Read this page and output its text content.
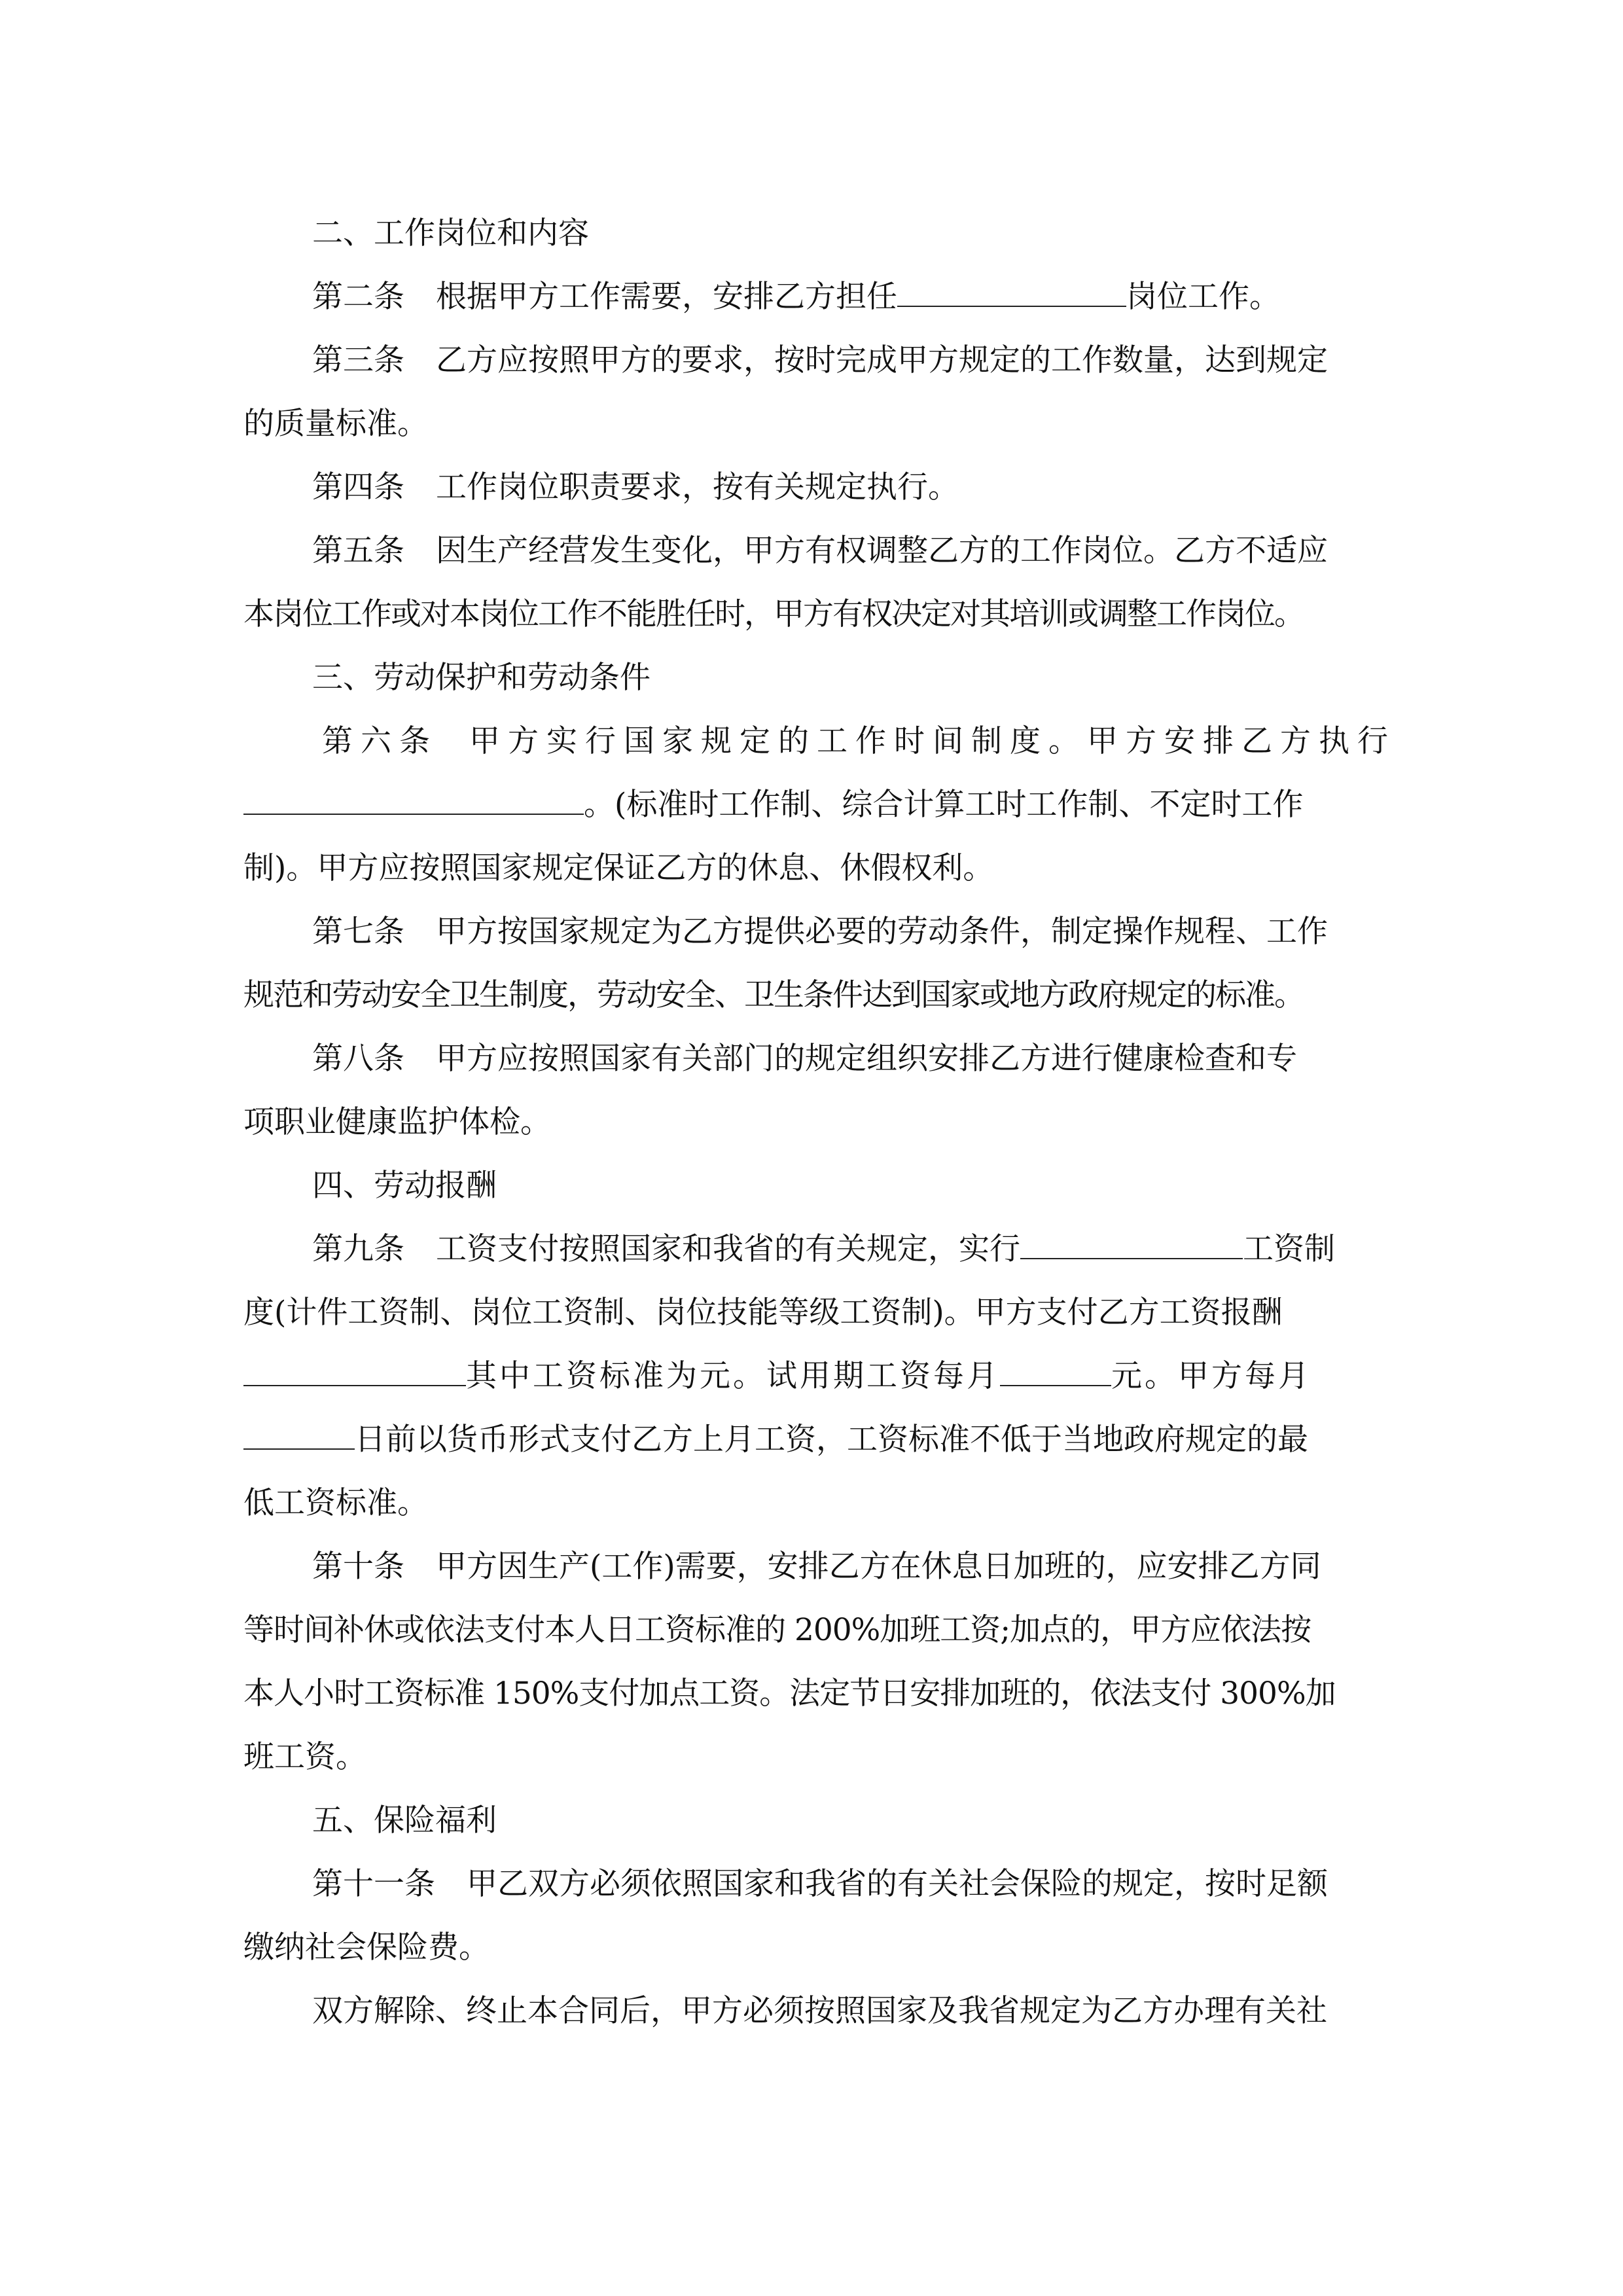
二、工作岗位和内容
第二条 根据甲方工作需要，安排乙方担任	岗位工作。
第三条 乙方应按照甲方的要求，按时完成甲方规定的工作数量，达到规定
的质量标准。
第四条 工作岗位职责要求，按有关规定执行。
第五条 因生产经营发生变化，甲方有权调整乙方的工作岗位。乙方不适应
本岗位工作或对本岗位工作不能胜任时，甲方有权决定对其培训或调整工作岗位。
三、劳动保护和劳动条件
第六条 甲方实行国家规定的工作时间制度。甲方安排乙方执行
。(标准时工作制、综合计算工时工作制、不定时工作
制)。甲方应按照国家规定保证乙方的休息、休假权利。
第七条 甲方按国家规定为乙方提供必要的劳动条件，制定操作规程、工作
规范和劳动安全卫生制度，劳动安全、卫生条件达到国家或地方政府规定的标准。
第八条 甲方应按照国家有关部门的规定组织安排乙方进行健康检查和专
项职业健康监护体检。
四、劳动报酬
第九条 工资支付按照国家和我省的有关规定，实行	工资制
度(计件工资制、岗位工资制、岗位技能等级工资制)。甲方支付乙方工资报酬
其中工资标准为元。试用期工资每月	元。甲方每月
日前以货币形式支付乙方上月工资，工资标准不低于当地政府规定的最
低工资标准。
第十条 甲方因生产(工作)需要，安排乙方在休息日加班的，应安排乙方同
等时间补休或依法支付本人日工资标准的 200%加班工资;加点的，甲方应依法按
本人小时工资标准 150%支付加点工资。法定节日安排加班的，依法支付 300%加
班工资。
五、保险福利
第十一条 甲乙双方必须依照国家和我省的有关社会保险的规定，按时足额
缴纳社会保险费。
双方解除、终止本合同后，甲方必须按照国家及我省规定为乙方办理有关社
